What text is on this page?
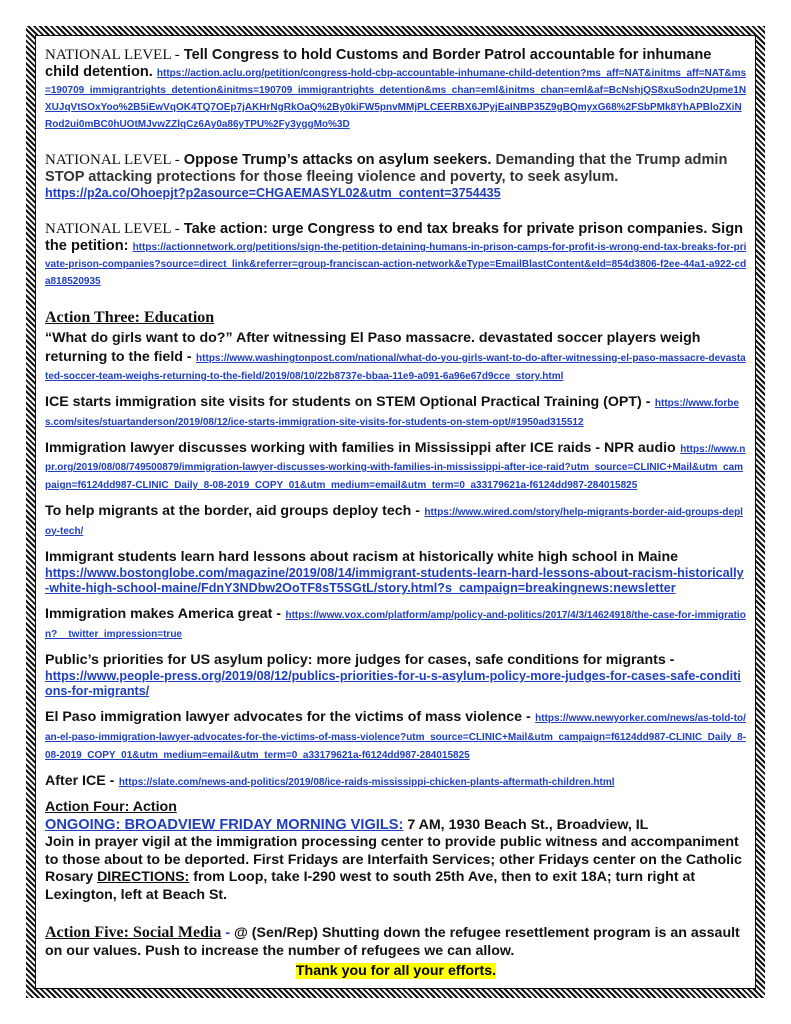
NATIONAL LEVEL - Tell Congress to hold Customs and Border Patrol accountable for inhumane child detention. https://action.aclu.org/petition/congress-hold-cbp-accountable-inhumane-child-detention?ms_aff=NAT&initms_aff=NAT&ms=190709_immigrantrights_detention&initms=190709_immigrantrights_detention&ms_chan=eml&initms_chan=eml&af=BcNshjQS8xuSodn2Upme1NXUJqVtSOxYoo%2B5iEwVqOK4TQ7OEp7jAKHrNgRkOaQ%2By0kiFW5pnvMMjPLCEERBX6JPyjEaINBP35Z9gBQmyxG68%2FSbPMk8YhAPBloZXiNRod2ui0mBC0hUOtMJvwZZlqCz6Ay0a86yTPU%2Fy3yggMo%3D
NATIONAL LEVEL - Oppose Trump’s attacks on asylum seekers. Demanding that the Trump admin STOP attacking protections for those fleeing violence and poverty, to seek asylum.
https://p2a.co/Ohoepjt?p2asource=CHGAEMASYL02&utm_content=3754435
NATIONAL LEVEL - Take action: urge Congress to end tax breaks for private prison companies. Sign the petition: https://actionnetwork.org/petitions/sign-the-petition-detaining-humans-in-prison-camps-for-profit-is-wrong-end-tax-breaks-for-private-prison-companies?source=direct_link&referrer=group-franciscan-action-network&eType=EmailBlastContent&eId=854d3806-f2ee-44a1-a922-cda818520935
Action Three: Education
“What do girls want to do?” After witnessing El Paso massacre. devastated soccer players weigh returning to the field - https://www.washingtonpost.com/national/what-do-you-girls-want-to-do-after-witnessing-el-paso-massacre-devastated-soccer-team-weighs-returning-to-the-field/2019/08/10/22b8737e-bbaa-11e9-a091-6a96e67d9cce_story.html
ICE starts immigration site visits for students on STEM Optional Practical Training (OPT) - https://www.forbes.com/sites/stuartanderson/2019/08/12/ice-starts-immigration-site-visits-for-students-on-stem-opt/#1950ad315512
Immigration lawyer discusses working with families in Mississippi after ICE raids - NPR audio https://www.npr.org/2019/08/08/749500879/immigration-lawyer-discusses-working-with-families-in-mississippi-after-ice-raid?utm_source=CLINIC+Mail&utm_campaign=f6124dd987-CLINIC_Daily_8-08-2019_COPY_01&utm_medium=email&utm_term=0_a33179621a-f6124dd987-284015825
To help migrants at the border, aid groups deploy tech - https://www.wired.com/story/help-migrants-border-aid-groups-deploy-tech/
Immigrant students learn hard lessons about racism at historically white high school in Maine
https://www.bostonglobe.com/magazine/2019/08/14/immigrant-students-learn-hard-lessons-about-racism-historically-white-high-school-maine/FdnY3NDbw2OoTF8sT5SGtL/story.html?s_campaign=breakingnews:newsletter
Immigration makes America great - https://www.vox.com/platform/amp/policy-and-politics/2017/4/3/14624918/the-case-for-immigration?__twitter_impression=true
Public’s priorities for US asylum policy: more judges for cases, safe conditions for migrants -
https://www.people-press.org/2019/08/12/publics-priorities-for-u-s-asylum-policy-more-judges-for-cases-safe-conditions-for-migrants/
El Paso immigration lawyer advocates for the victims of mass violence - https://www.newyorker.com/news/as-told-to/an-el-paso-immigration-lawyer-advocates-for-the-victims-of-mass-violence?utm_source=CLINIC+Mail&utm_campaign=f6124dd987-CLINIC_Daily_8-08-2019_COPY_01&utm_medium=email&utm_term=0_a33179621a-f6124dd987-284015825
After ICE - https://slate.com/news-and-politics/2019/08/ice-raids-mississippi-chicken-plants-aftermath-children.html
Action Four: Action
ONGOING: BROADVIEW FRIDAY MORNING VIGILS: 7 AM, 1930 Beach St., Broadview, IL
Join in prayer vigil at the immigration processing center to provide public witness and accompaniment to those about to be deported. First Fridays are Interfaith Services; other Fridays center on the Catholic Rosary DIRECTIONS: from Loop, take I-290 west to south 25th Ave, then to exit 18A; turn right at Lexington, left at Beach St.
Action Five: Social Media - @ (Sen/Rep) Shutting down the refugee resettlement program is an assault on our values. Push to increase the number of refugees we can allow.
Thank you for all your efforts.
